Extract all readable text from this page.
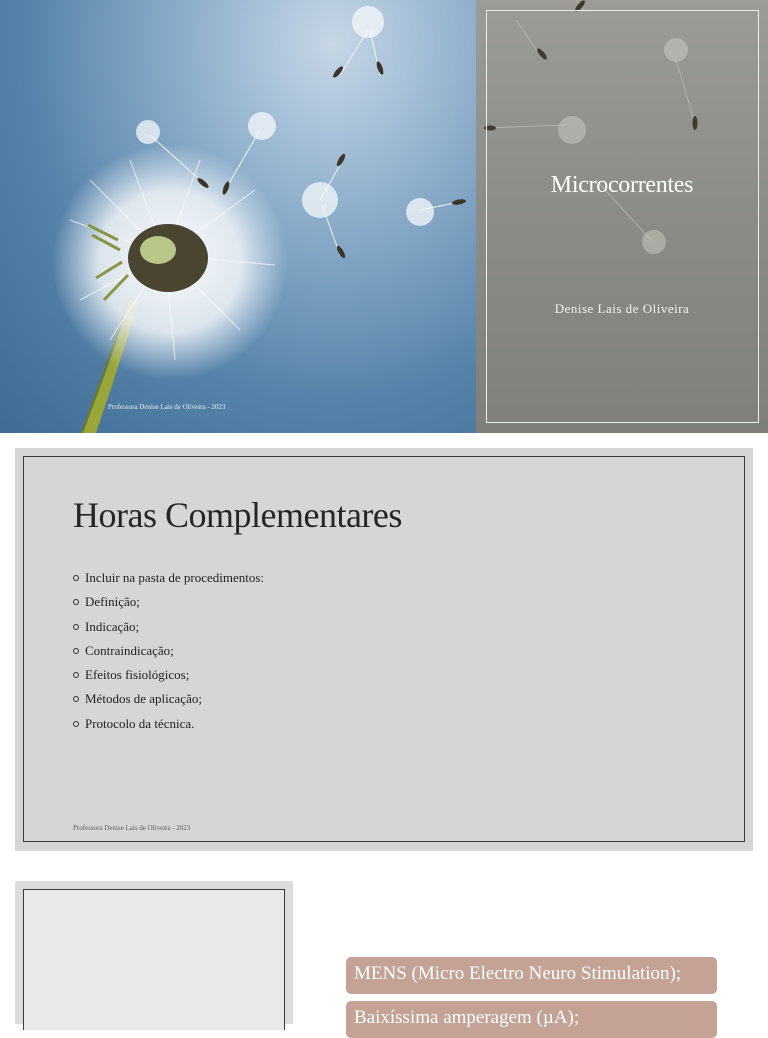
Professora Denise Lais de Oliveira - 2023
Microcorrentes
Denise Lais de Oliveira
Horas Complementares
Incluir na pasta de procedimentos:
Definição;
Indicação;
Contraindicação;
Efeitos fisiológicos;
Métodos de aplicação;
Protocolo da técnica.
Professora Denise Lais de Oliveira - 2023
MENS (Micro Electro Neuro Stimulation);
Baixíssima amperagem (µA);
